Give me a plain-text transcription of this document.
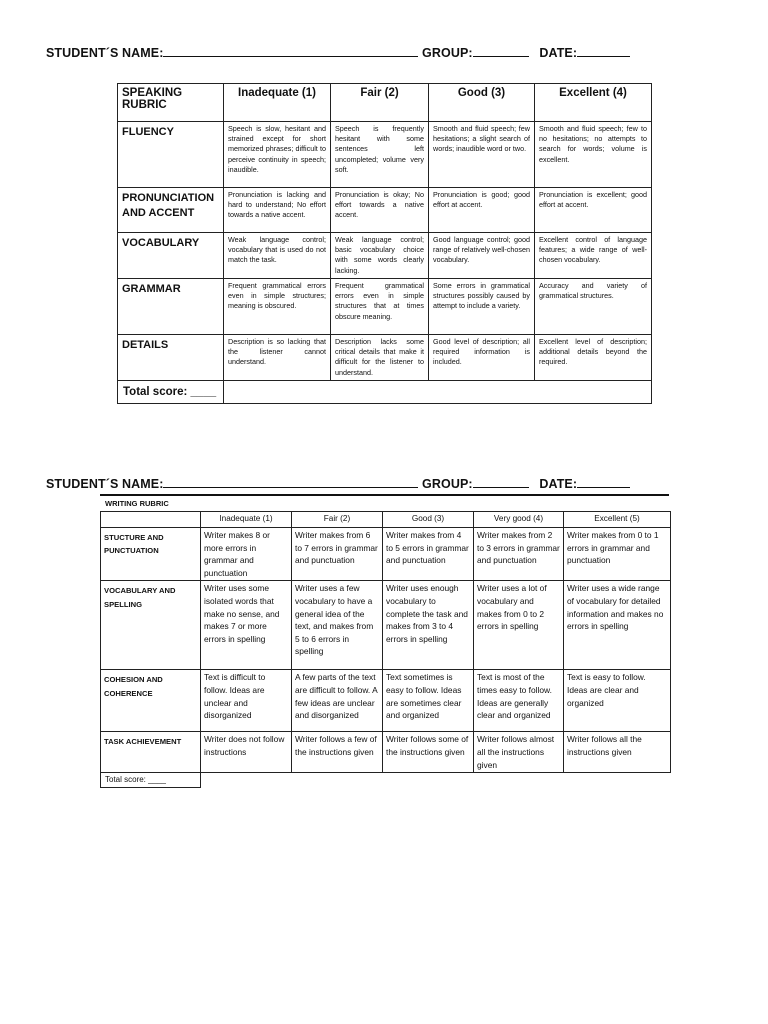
STUDENT´S NAME:	GROUP:	DATE:
SPEAKING RUBRIC	Inadequate (1)	Fair (2)	Good (3)	Excellent (4)
FLUENCY	Speech is slow, hesitant and strained except for short memorized phrases; difficult to perceive continuity in speech; inaudible.	Speech is frequently hesitant with some sentences left uncompleted; volume very soft.	Smooth and fluid speech; few hesitations; a slight search of words; inaudible word or two.	Smooth and fluid speech; few to no hesitations; no attempts to search for words; volume is excellent.
PRONUNCIATION AND ACCENT	Pronunciation is lacking and hard to understand; No effort towards a native accent.	Pronunciation is okay; No effort towards a native accent.	Pronunciation is good; good effort at accent.	Pronunciation is excellent; good effort at accent.
VOCABULARY	Weak language control; vocabulary that is used do not match the task.	Weak language control; basic vocabulary choice with some words clearly lacking.	Good language control; good range of relatively well-chosen vocabulary.	Excellent control of language features; a wide range of well-chosen vocabulary.
GRAMMAR	Frequent grammatical errors even in simple structures; meaning is obscured.	Frequent grammatical errors even in simple structures that at times obscure meaning.	Some errors in grammatical structures possibly caused by attempt to include a variety.	Accuracy and variety of grammatical structures.
DETAILS	Description is so lacking that the listener cannot understand.	Description lacks some critical details that make it difficult for the listener to understand.	Good level of description; all required information is included.	Excellent level of description; additional details beyond the required.
Total score: ____				
STUDENT´S NAME:	GROUP:	DATE:
WRITING RUBRIC
	Inadequate (1)	Fair (2)	Good (3)	Very good (4)	Excellent (5)
STUCTURE AND PUNCTUATION	Writer makes 8 or more errors in grammar and punctuation	Writer makes from 6 to 7 errors in grammar and punctuation	Writer makes from 4 to 5 errors in grammar and punctuation	Writer makes from 2 to 3 errors in grammar and punctuation	Writer makes from 0 to 1 errors in grammar and punctuation
VOCABULARY AND SPELLING	Writer uses some isolated words that make no sense, and makes 7 or more errors in spelling	Writer uses a few vocabulary to have a general idea of the text, and makes from 5 to 6 errors in spelling	Writer uses enough vocabulary to complete the task and makes from 3 to 4 errors in spelling	Writer uses a lot of vocabulary and makes from 0 to 2 errors in spelling	Writer uses a wide range of vocabulary for detailed information and makes no errors in spelling
COHESION AND COHERENCE	Text is difficult to follow. Ideas are unclear and disorganized	A few parts of the text are difficult to follow. A few ideas are unclear and disorganized	Text sometimes is easy to follow. Ideas are sometimes clear and organized	Text is most of the times easy to follow. Ideas are generally clear and organized	Text is easy to follow. Ideas are clear and organized
TASK ACHIEVEMENT	Writer does not follow instructions	Writer follows a few of the instructions given	Writer follows some of the instructions given	Writer follows almost all the instructions given	Writer follows all the instructions given
Total score: ____					
